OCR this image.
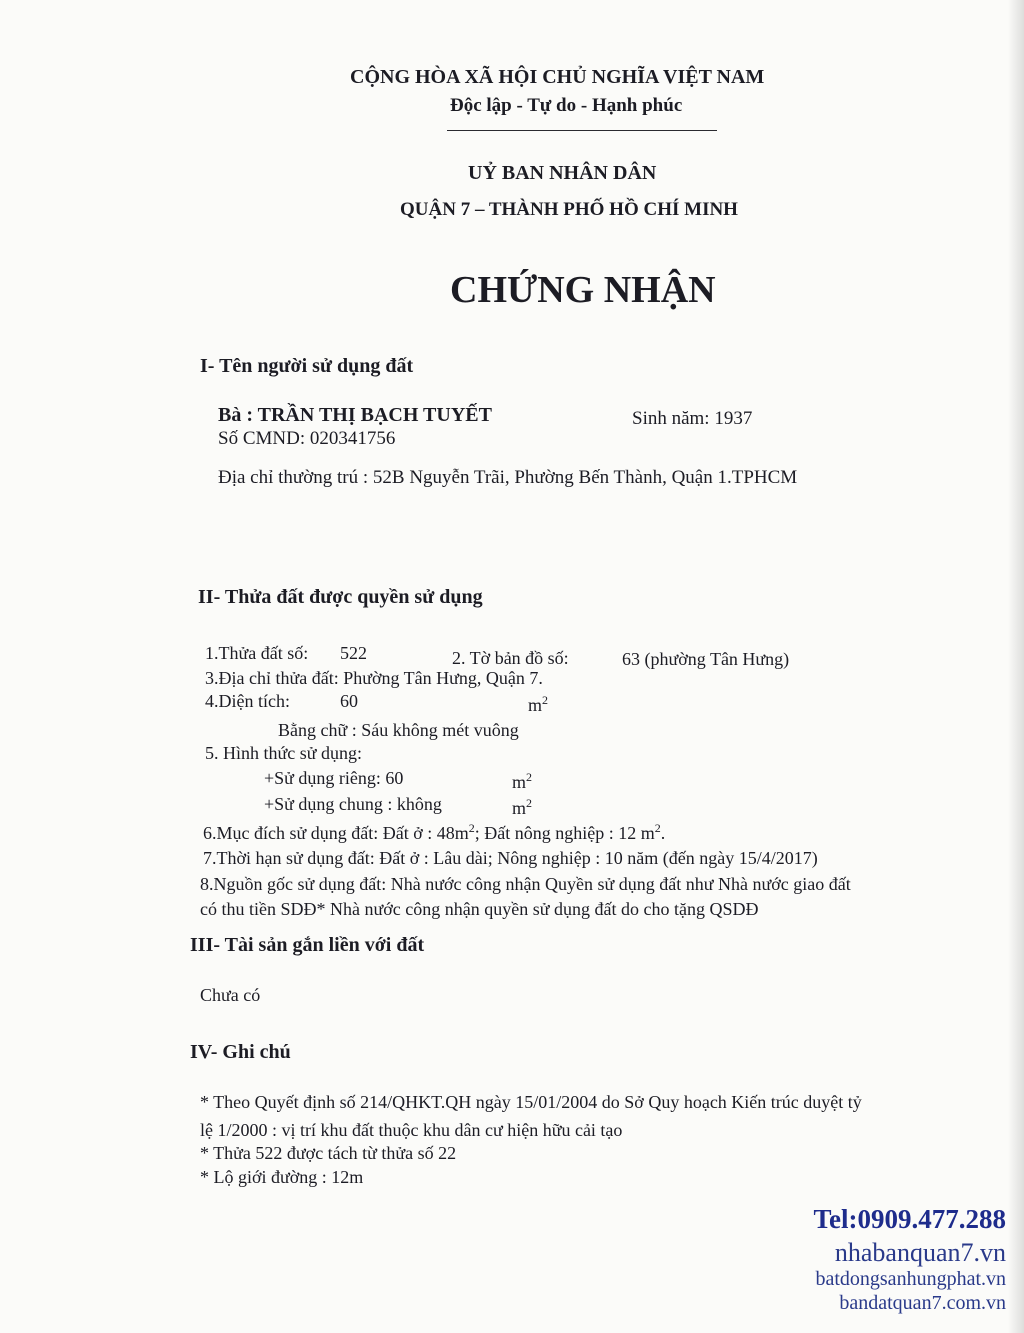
CỘNG HÒA XÃ HỘI CHỦ NGHĨA VIỆT NAM
Độc lập - Tự do - Hạnh phúc
UỶ BAN NHÂN DÂN
QUẬN 7 – THÀNH PHỐ HỒ CHÍ MINH
CHỨNG NHẬN
I- Tên người sử dụng đất
Bà : TRẦN THỊ BẠCH TUYẾT	Sinh năm: 1937
Số CMND: 020341756
Địa chỉ thường trú : 52B Nguyễn Trãi, Phường Bến Thành, Quận 1.TPHCM
II- Thửa đất được quyền sử dụng
1.Thửa đất số: 522	2. Tờ bản đồ số:	63 (phường Tân Hưng)
3.Địa chỉ thửa đất: Phường Tân Hưng, Quận 7.
4.Diện tích:	60	$m^2$
Bằng chữ : Sáu không mét vuông
5. Hình thức sử dụng:
+Sử dụng riêng: 60	$m^2$
+Sử dụng chung : không	$m^2$
6.Mục đích sử dụng đất: Đất ở : $48m^2$; Đất nông nghiệp : 12 $m^2$.
7.Thời hạn sử dụng đất: Đất ở : Lâu dài; Nông nghiệp : 10 năm (đến ngày 15/4/2017)
8.Nguồn gốc sử dụng đất: Nhà nước công nhận Quyền sử dụng đất như Nhà nước giao đất
có thu tiền SDĐ* Nhà nước công nhận quyền sử dụng đất do cho tặng QSDĐ
III- Tài sản gắn liền với đất
Chưa có
IV- Ghi chú
* Theo Quyết định số 214/QHKT.QH ngày 15/01/2004 do Sở Quy hoạch Kiến trúc duyệt tỷ
lệ 1/2000 : vị trí khu đất thuộc khu dân cư hiện hữu cải tạo
* Thửa 522 được tách từ thửa số 22
* Lộ giới đường : 12m
Tel:0909.477.288
nhabanquan7.vn
batdongsanhungphat.vn
bandatquan7.com.vn
